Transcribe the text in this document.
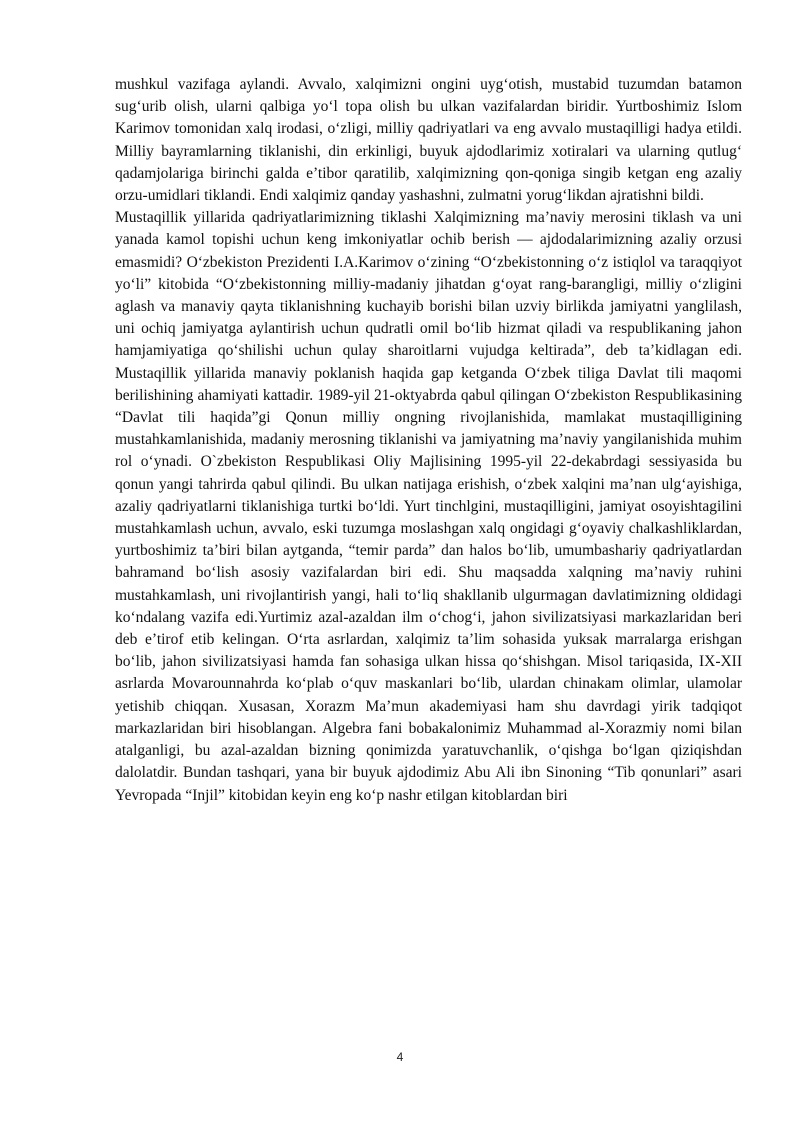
mushkul vazifaga aylandi. Avvalo, xalqimizni ongini uyg‘otish, mustabid tuzumdan batamon sug‘urib olish, ularni qalbiga yo‘l topa olish bu ulkan vazifalardan biridir. Yurtboshimiz Islom Karimov tomonidan xalq irodasi, o‘zligi, milliy qadriyatlari va eng avvalo mustaqilligi hadya etildi. Milliy bayramlarning tiklanishi, din erkinligi, buyuk ajdodlarimiz xotiralari va ularning qutlug‘ qadamjolariga birinchi galda e’tibor qaratilib, xalqimizning qon-qoniga singib ketgan eng azaliy orzu-umidlari tiklandi. Endi xalqimiz qanday yashashni, zulmatni yorug‘likdan ajratishni bildi.

Mustaqillik yillarida qadriyatlarimizning tiklashi Xalqimizning ma’naviy merosini tiklash va uni yanada kamol topishi uchun keng imkoniyatlar ochib berish — ajdodalarimizning azaliy orzusi emasmidi? O‘zbekiston Prezidenti I.A.Karimov o‘zining “O‘zbekistonning o‘z istiqlol va taraqqiyot yo‘li” kitobida “O‘zbekistonning milliy-madaniy jihatdan g‘oyat rang-barangligi, milliy o‘zligini aglash va manaviy qayta tiklanishning kuchayib borishi bilan uzviy birlikda jamiyatni yanglilash, uni ochiq jamiyatga aylantirish uchun qudratli omil bo‘lib hizmat qiladi va respublikaning jahon hamjamiyatiga qo‘shilishi uchun qulay sharoitlarni vujudga keltirada”, deb ta’kidlagan edi. Mustaqillik yillarida manaviy poklanish haqida gap ketganda O‘zbek tiliga Davlat tili maqomi berilishining ahamiyati kattadir. 1989-yil 21-oktyabrda qabul qilingan O‘zbekiston Respublikasining “Davlat tili haqida”gi Qonun milliy ongning rivojlanishida, mamlakat mustaqilligining mustahkamlanishida, madaniy merosning tiklanishi va jamiyatning ma’naviy yangilanishida muhim rol o‘ynadi. O`zbekiston Respublikasi Oliy Majlisining 1995-yil 22-dekabrdagi sessiyasida bu qonun yangi tahrirda qabul qilindi. Bu ulkan natijaga erishish, o‘zbek xalqini ma’nan ulg‘ayishiga, azaliy qadriyatlarni tiklanishiga turtki bo‘ldi. Yurt tinchlgini, mustaqilligini, jamiyat osoyishtagilini mustahkamlash uchun, avvalo, eski tuzumga moslashgan xalq ongidagi g‘oyaviy chalkashliklardan, yurtboshimiz ta’biri bilan aytganda, “temir parda” dan halos bo‘lib, umumbashariy qadriyatlardan bahramand bo‘lish asosiy vazifalardan biri edi. Shu maqsadda xalqning ma’naviy ruhini mustahkamlash, uni rivojlantirish yangi, hali to‘liq shakllanib ulgurmagan davlatimizning oldidagi ko‘ndalang vazifa edi.Yurtimiz azal-azaldan ilm o‘chog‘i, jahon sivilizatsiyasi markazlaridan beri deb e’tirof etib kelingan. O‘rta asrlardan, xalqimiz ta’lim sohasida yuksak marralarga erishgan bo‘lib, jahon sivilizatsiyasi hamda fan sohasiga ulkan hissa qo‘shishgan. Misol tariqasida, IX-XII asrlarda Movarounnahrda ko‘plab o‘quv maskanlari bo‘lib, ulardan chinakam olimlar, ulamolar yetishib chiqqan. Xusasan, Xorazm Ma’mun akademiyasi ham shu davrdagi yirik tadqiqot markazlaridan biri hisoblangan. Algebra fani bobakalonimiz Muhammad al-Xorazmiy nomi bilan atalganligi, bu azal-azaldan bizning qonimizda yaratuvchanlik, o‘qishga bo‘lgan qiziqishdan dalolatdir. Bundan tashqari, yana bir buyuk ajdodimiz Abu Ali ibn Sinoning “Tib qonunlari” asari Yevropada “Injil” kitobidan keyin eng ko‘p nashr etilgan kitoblardan biri

4
